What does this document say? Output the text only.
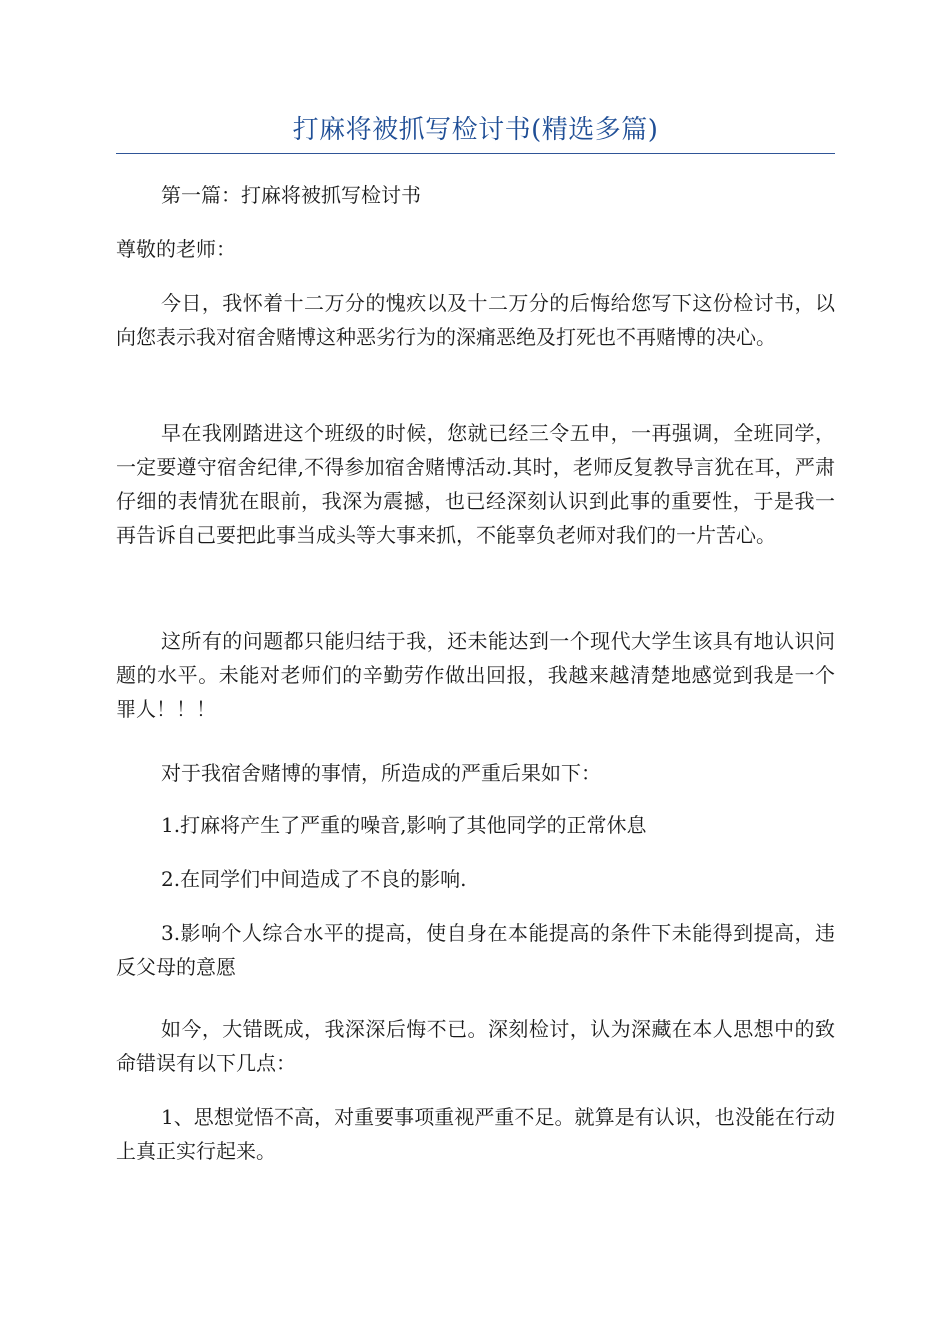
打麻将被抓写检讨书(精选多篇)

第一篇：打麻将被抓写检讨书

尊敬的老师：

今日，我怀着十二万分的愧疚以及十二万分的后悔给您写下这份检讨书，以向您表示我对宿舍赌博这种恶劣行为的深痛恶绝及打死也不再赌博的决心。

早在我刚踏进这个班级的时候，您就已经三令五申，一再强调，全班同学，一定要遵守宿舍纪律,不得参加宿舍赌博活动.其时，老师反复教导言犹在耳，严肃仔细的表情犹在眼前，我深为震撼，也已经深刻认识到此事的重要性，于是我一再告诉自己要把此事当成头等大事来抓，不能辜负老师对我们的一片苦心。

这所有的问题都只能归结于我，还未能达到一个现代大学生该具有地认识问题的水平。未能对老师们的辛勤劳作做出回报，我越来越清楚地感觉到我是一个罪人！！！

对于我宿舍赌博的事情，所造成的严重后果如下：

1.打麻将产生了严重的噪音,影响了其他同学的正常休息

2.在同学们中间造成了不良的影响.

3.影响个人综合水平的提高，使自身在本能提高的条件下未能得到提高，违反父母的意愿

如今，大错既成，我深深后悔不已。深刻检讨，认为深藏在本人思想中的致命错误有以下几点：

1、思想觉悟不高，对重要事项重视严重不足。就算是有认识，也没能在行动上真正实行起来。
